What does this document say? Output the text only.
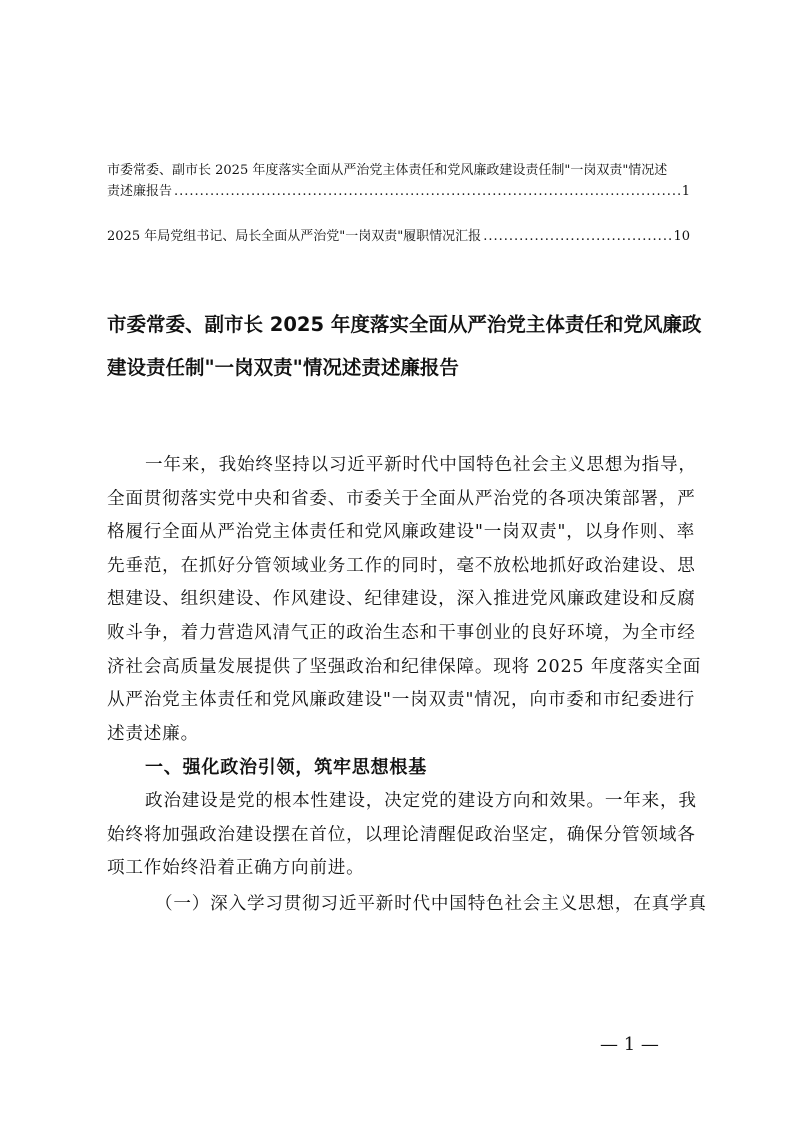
市委常委、副市长 2025 年度落实全面从严治党主体责任和党风廉政建设责任制"一岗双责"情况述
责述廉报告 .....	1
2025 年局党组书记、局长全面从严治党"一岗双责"履职情况汇报 .....	10
市委常委、副市长 2025 年度落实全面从严治党主体责任和党风廉政
建设责任制"一岗双责"情况述责述廉报告
一年来，我始终坚持以习近平新时代中国特色社会主义思想为指导，
全面贯彻落实党中央和省委、市委关于全面从严治党的各项决策部署，严
格履行全面从严治党主体责任和党风廉政建设"一岗双责"，以身作则、率
先垂范，在抓好分管领域业务工作的同时，毫不放松地抓好政治建设、思
想建设、组织建设、作风建设、纪律建设，深入推进党风廉政建设和反腐
败斗争，着力营造风清气正的政治生态和干事创业的良好环境，为全市经
济社会高质量发展提供了坚强政治和纪律保障。现将 2025 年度落实全面
从严治党主体责任和党风廉政建设"一岗双责"情况，向市委和市纪委进行
述责述廉。
一、强化政治引领，筑牢思想根基
政治建设是党的根本性建设，决定党的建设方向和效果。一年来，我
始终将加强政治建设摆在首位，以理论清醒促政治坚定，确保分管领域各
项工作始终沿着正确方向前进。
（一）深入学习贯彻习近平新时代中国特色社会主义思想，在真学真
— 1 —
